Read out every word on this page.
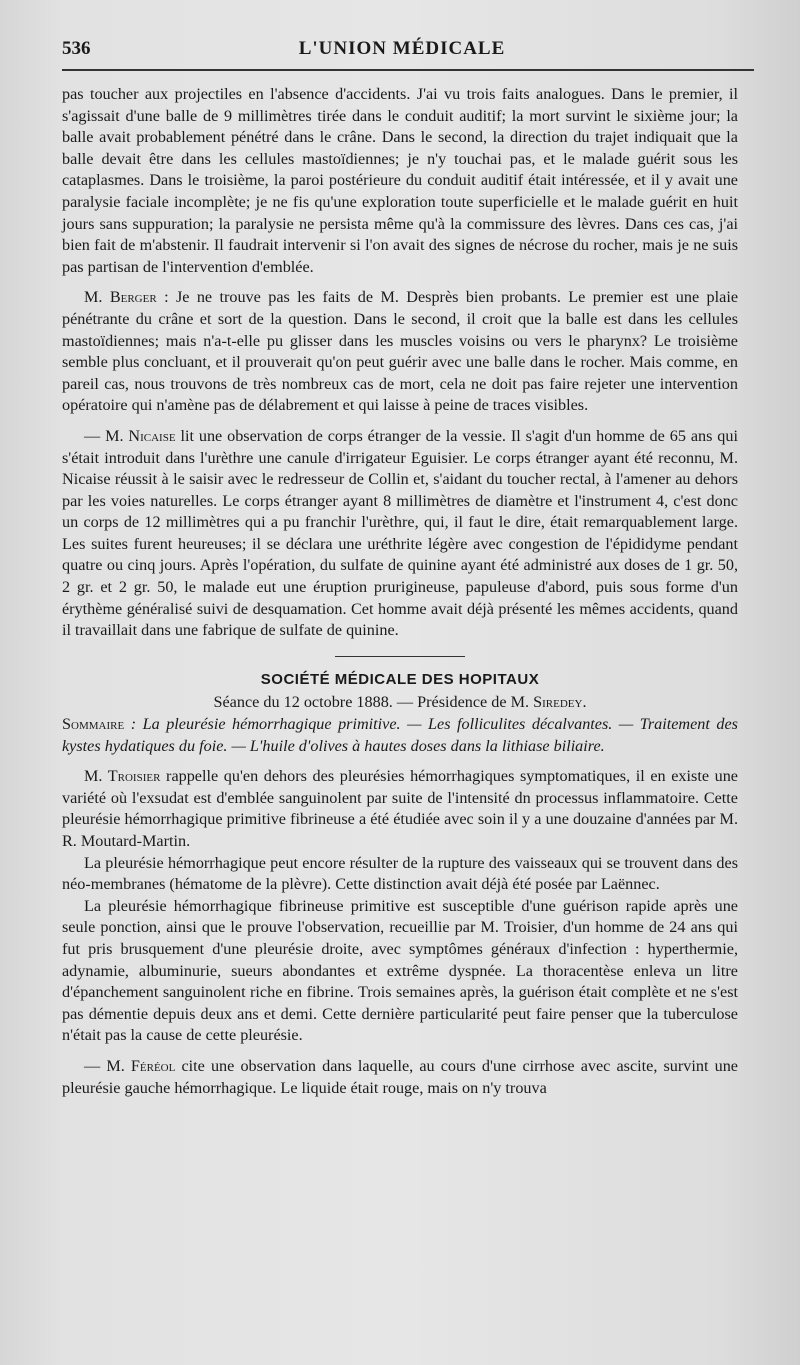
536	L'UNION MÉDICALE

pas toucher aux projectiles en l'absence d'accidents. J'ai vu trois faits analogues. Dans le premier, il s'agissait d'une balle de 9 millimètres tirée dans le conduit auditif; la mort survint le sixième jour; la balle avait probablement pénétré dans le crâne. Dans le second, la direction du trajet indiquait que la balle devait être dans les cellules mastoïdiennes; je n'y touchai pas, et le malade guérit sous les cataplasmes. Dans le troisième, la paroi postérieure du conduit auditif était intéressée, et il y avait une paralysie faciale incomplète; je ne fis qu'une exploration toute superficielle et le malade guérit en huit jours sans suppuration; la paralysie ne persista même qu'à la commissure des lèvres. Dans ces cas, j'ai bien fait de m'abstenir. Il faudrait intervenir si l'on avait des signes de nécrose du rocher, mais je ne suis pas partisan de l'intervention d'emblée.

M. Berger : Je ne trouve pas les faits de M. Desprès bien probants. Le premier est une plaie pénétrante du crâne et sort de la question. Dans le second, il croit que la balle est dans les cellules mastoïdiennes; mais n'a-t-elle pu glisser dans les muscles voisins ou vers le pharynx? Le troisième semble plus concluant, et il prouverait qu'on peut guérir avec une balle dans le rocher. Mais comme, en pareil cas, nous trouvons de très nombreux cas de mort, cela ne doit pas faire rejeter une intervention opératoire qui n'amène pas de délabrement et qui laisse à peine de traces visibles.

— M. Nicaise lit une observation de corps étranger de la vessie. Il s'agit d'un homme de 65 ans qui s'était introduit dans l'urèthre une canule d'irrigateur Eguisier. Le corps étranger ayant été reconnu, M. Nicaise réussit à le saisir avec le redresseur de Collin et, s'aidant du toucher rectal, à l'amener au dehors par les voies naturelles. Le corps étranger ayant 8 millimètres de diamètre et l'instrument 4, c'est donc un corps de 12 millimètres qui a pu franchir l'urèthre, qui, il faut le dire, était remarquablement large. Les suites furent heureuses; il se déclara une uréthrite légère avec congestion de l'épididyme pendant quatre ou cinq jours. Après l'opération, du sulfate de quinine ayant été administré aux doses de 1 gr. 50, 2 gr. et 2 gr. 50, le malade eut une éruption prurigineuse, papuleuse d'abord, puis sous forme d'un érythème généralisé suivi de desquamation. Cet homme avait déjà présenté les mêmes accidents, quand il travaillait dans une fabrique de sulfate de quinine.

SOCIÉTÉ MÉDICALE DES HOPITAUX
Séance du 12 octobre 1888. — Présidence de M. Siredey.

Sommaire : La pleurésie hémorrhagique primitive. — Les folliculites décalvantes. — Traitement des kystes hydatiques du foie. — L'huile d'olives à hautes doses dans la lithiase biliaire.

M. Troisier rappelle qu'en dehors des pleurésies hémorrhagiques symptomatiques, il en existe une variété où l'exsudat est d'emblée sanguinolent par suite de l'intensité dn processus inflammatoire. Cette pleurésie hémorrhagique primitive fibrineuse a été étudiée avec soin il y a une douzaine d'années par M. R. Moutard-Martin.

La pleurésie hémorrhagique peut encore résulter de la rupture des vaisseaux qui se trouvent dans des néo-membranes (hématome de la plèvre). Cette distinction avait déjà été posée par Laënnec.

La pleurésie hémorrhagique fibrineuse primitive est susceptible d'une guérison rapide après une seule ponction, ainsi que le prouve l'observation, recueillie par M. Troisier, d'un homme de 24 ans qui fut pris brusquement d'une pleurésie droite, avec symptômes généraux d'infection : hyperthermie, adynamie, albuminurie, sueurs abondantes et extrême dyspnée. La thoracentèse enleva un litre d'épanchement sanguinolent riche en fibrine. Trois semaines après, la guérison était complète et ne s'est pas démentie depuis deux ans et demi. Cette dernière particularité peut faire penser que la tuberculose n'était pas la cause de cette pleurésie.

— M. Féréol cite une observation dans laquelle, au cours d'une cirrhose avec ascite, survint une pleurésie gauche hémorrhagique. Le liquide était rouge, mais on n'y trouva
